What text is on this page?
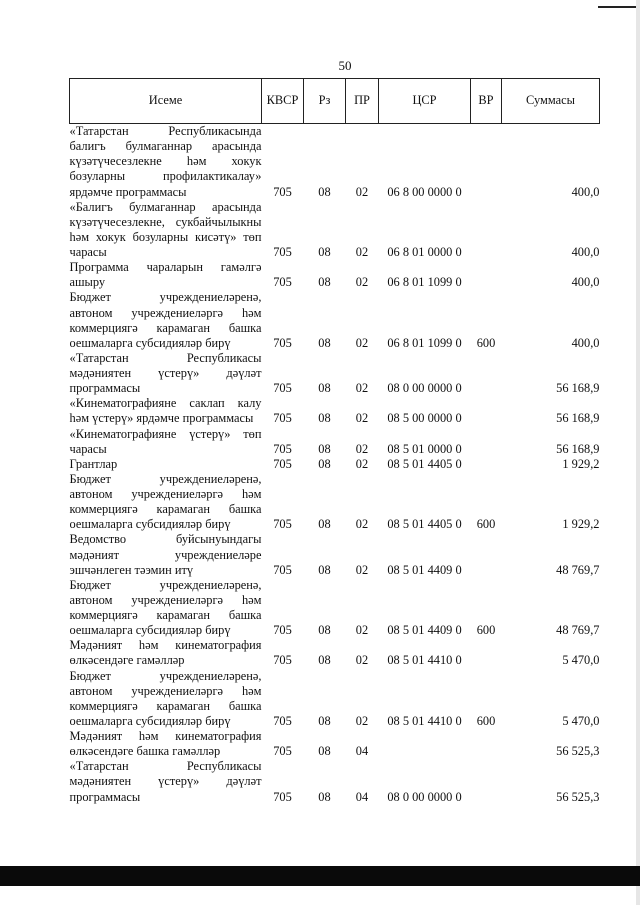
50
Исеме	КВСР	Рз	ПР	ЦСР	ВР	Суммасы
«Татарстан Республикасында балигъ булмаганнар арасында күзәтүчесезлекне һәм хокук бозуларны профилактикалау» ярдәмче программасы	705	08	02	06 8 00 0000 0		400,0
«Балигъ булмаганнар арасында күзәтүчесезлекне, сукбайчылыкны һәм хокук бозуларны кисәтү» төп чарасы	705	08	02	06 8 01 0000 0		400,0
Программа чараларын гамәлгә ашыру	705	08	02	06 8 01 1099 0		400,0
Бюджет учреждениеләренә, автоном учреждениеләргә һәм коммерциягә карамаган башка оешмаларга субсидияләр бирү	705	08	02	06 8 01 1099 0	600	400,0
«Татарстан Республикасы мәдәниятен үстерү» дәүләт программасы	705	08	02	08 0 00 0000 0		56 168,9
«Кинематографияне саклап калу һәм үстерү» ярдәмче программасы	705	08	02	08 5 00 0000 0		56 168,9
«Кинематографияне үстерү» төп чарасы	705	08	02	08 5 01 0000 0		56 168,9
Грантлар	705	08	02	08 5 01 4405 0		1 929,2
Бюджет учреждениеләренә, автоном учреждениеләргә һәм коммерциягә карамаган башка оешмаларга субсидияләр бирү	705	08	02	08 5 01 4405 0	600	1 929,2
Ведомство буйсынуындагы мәдәният учреждениеләре эшчәнлеген тәэмин итү	705	08	02	08 5 01 4409 0		48 769,7
Бюджет учреждениеләренә, автоном учреждениеләргә һәм коммерциягә карамаган башка оешмаларга субсидияләр бирү	705	08	02	08 5 01 4409 0	600	48 769,7
Мәдәният һәм кинематография өлкәсендәге гамәлләр	705	08	02	08 5 01 4410 0		5 470,0
Бюджет учреждениеләренә, автоном учреждениеләргә һәм коммерциягә карамаган башка оешмаларга субсидияләр бирү	705	08	02	08 5 01 4410 0	600	5 470,0
Мәдәният һәм кинематография өлкәсендәге башка гамәлләр	705	08	04			56 525,3
«Татарстан Республикасы мәдәниятен үстерү» дәүләт программасы	705	08	04	08 0 00 0000 0		56 525,3
